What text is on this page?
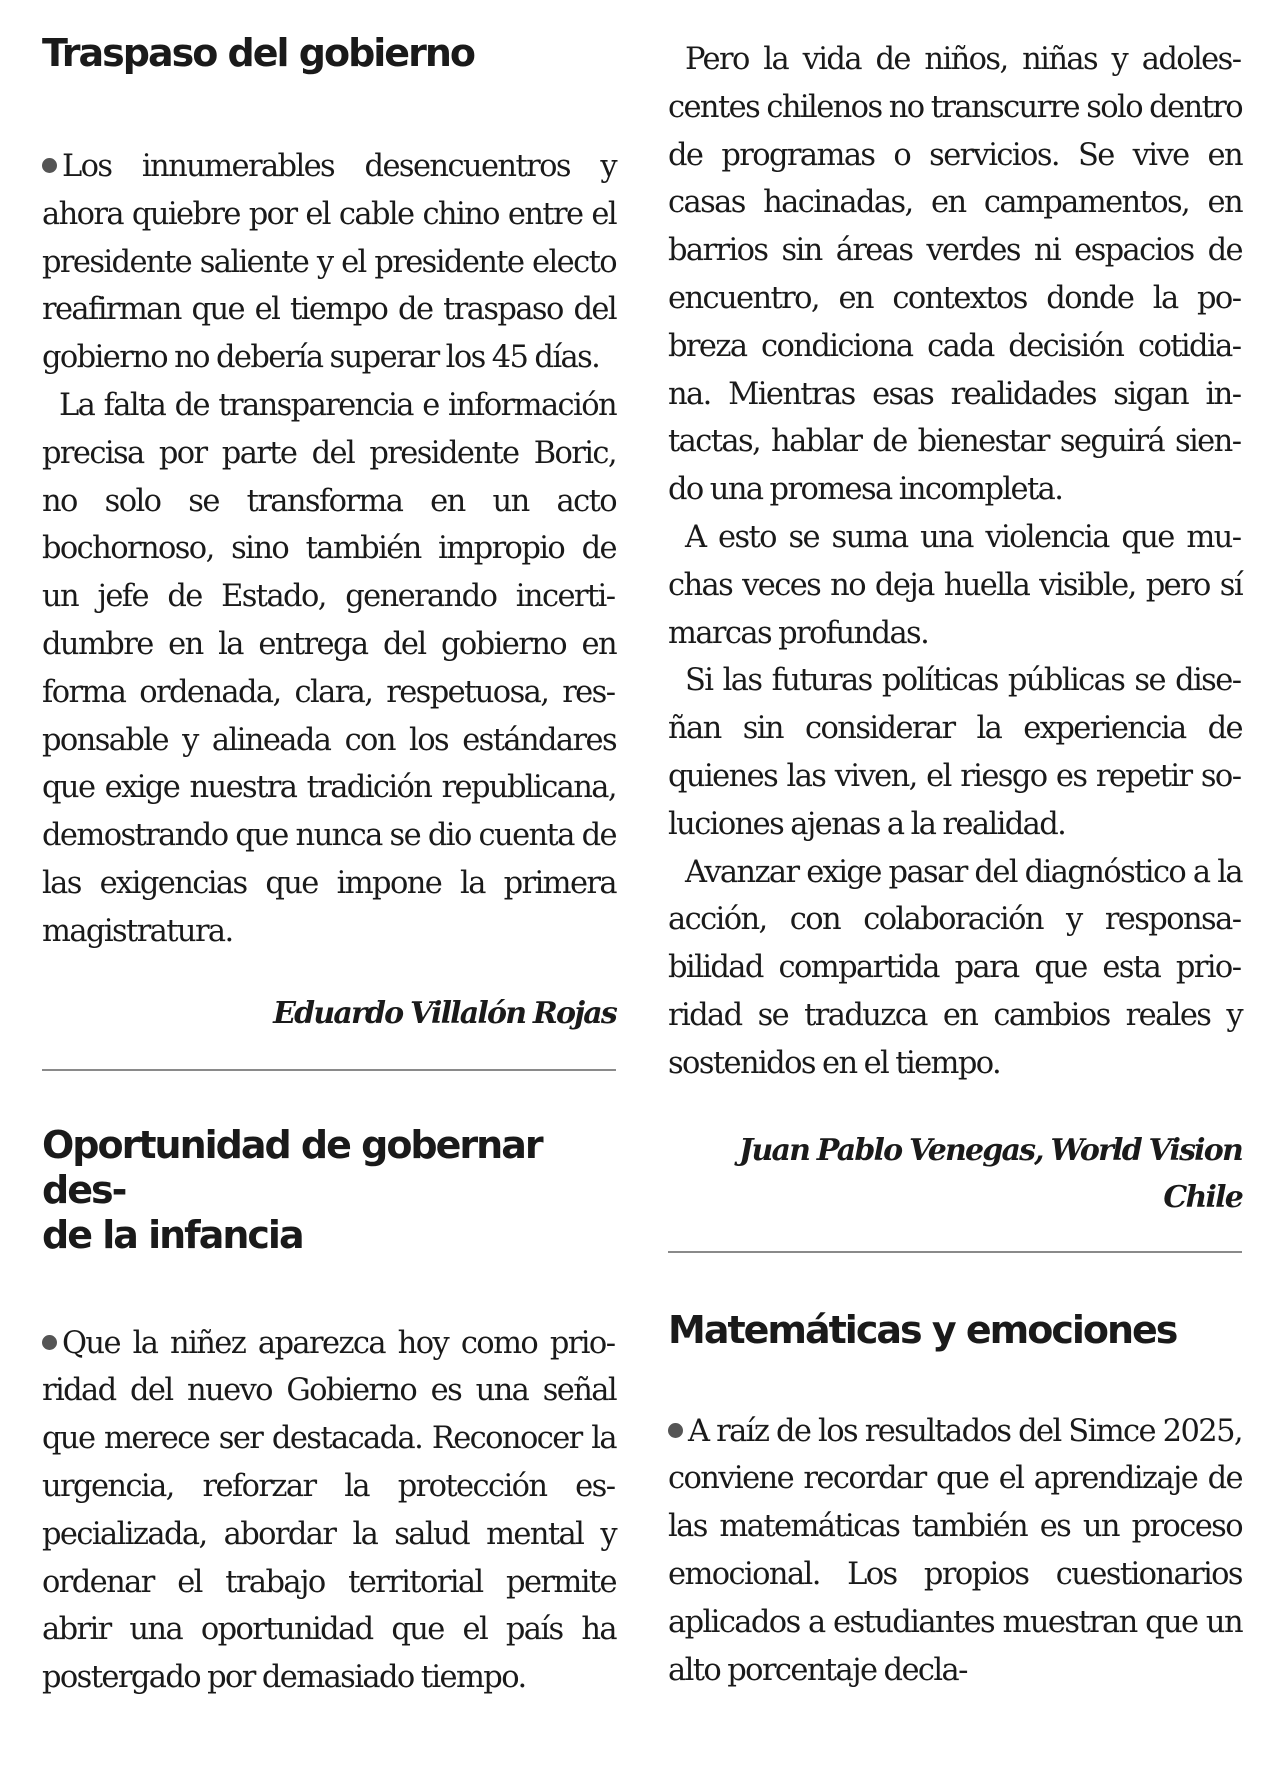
Traspaso del gobierno

Los innumerables desencuentros y ahora quiebre por el cable chino entre el presidente saliente y el presidente electo reafirman que el tiempo de traspaso del gobierno no debería superar los 45 días.

La falta de transparencia e información precisa por parte del presidente Boric, no solo se transforma en un acto bochornoso, sino también impropio de un jefe de Estado, generando incertidumbre en la entrega del gobierno en forma ordenada, clara, respetuosa, responsable y alineada con los estándares que exige nuestra tradición republicana, demostrando que nunca se dio cuenta de las exigencias que impone la primera magistratura.

Eduardo Villalón Rojas

Oportunidad de gobernar des-
de la infancia

Que la niñez aparezca hoy como prioridad del nuevo Gobierno es una señal que merece ser destacada. Reconocer la urgencia, reforzar la protección especializada, abordar la salud mental y ordenar el trabajo territorial permite abrir una oportunidad que el país ha postergado por demasiado tiempo.

Pero la vida de niños, niñas y adolescentes chilenos no transcurre solo dentro de programas o servicios. Se vive en casas hacinadas, en campamentos, en barrios sin áreas verdes ni espacios de encuentro, en contextos donde la pobreza condiciona cada decisión cotidiana. Mientras esas realidades sigan intactas, hablar de bienestar seguirá siendo una promesa incompleta.

A esto se suma una violencia que muchas veces no deja huella visible, pero sí marcas profundas.

Si las futuras políticas públicas se diseñan sin considerar la experiencia de quienes las viven, el riesgo es repetir soluciones ajenas a la realidad.

Avanzar exige pasar del diagnóstico a la acción, con colaboración y responsabilidad compartida para que esta prioridad se traduzca en cambios reales y sostenidos en el tiempo.

Juan Pablo Venegas, World Vision
Chile

Matemáticas y emociones

A raíz de los resultados del Simce 2025, conviene recordar que el aprendizaje de las matemáticas también es un proceso emocional. Los propios cuestionarios aplicados a estudiantes muestran que un alto porcentaje decla-
